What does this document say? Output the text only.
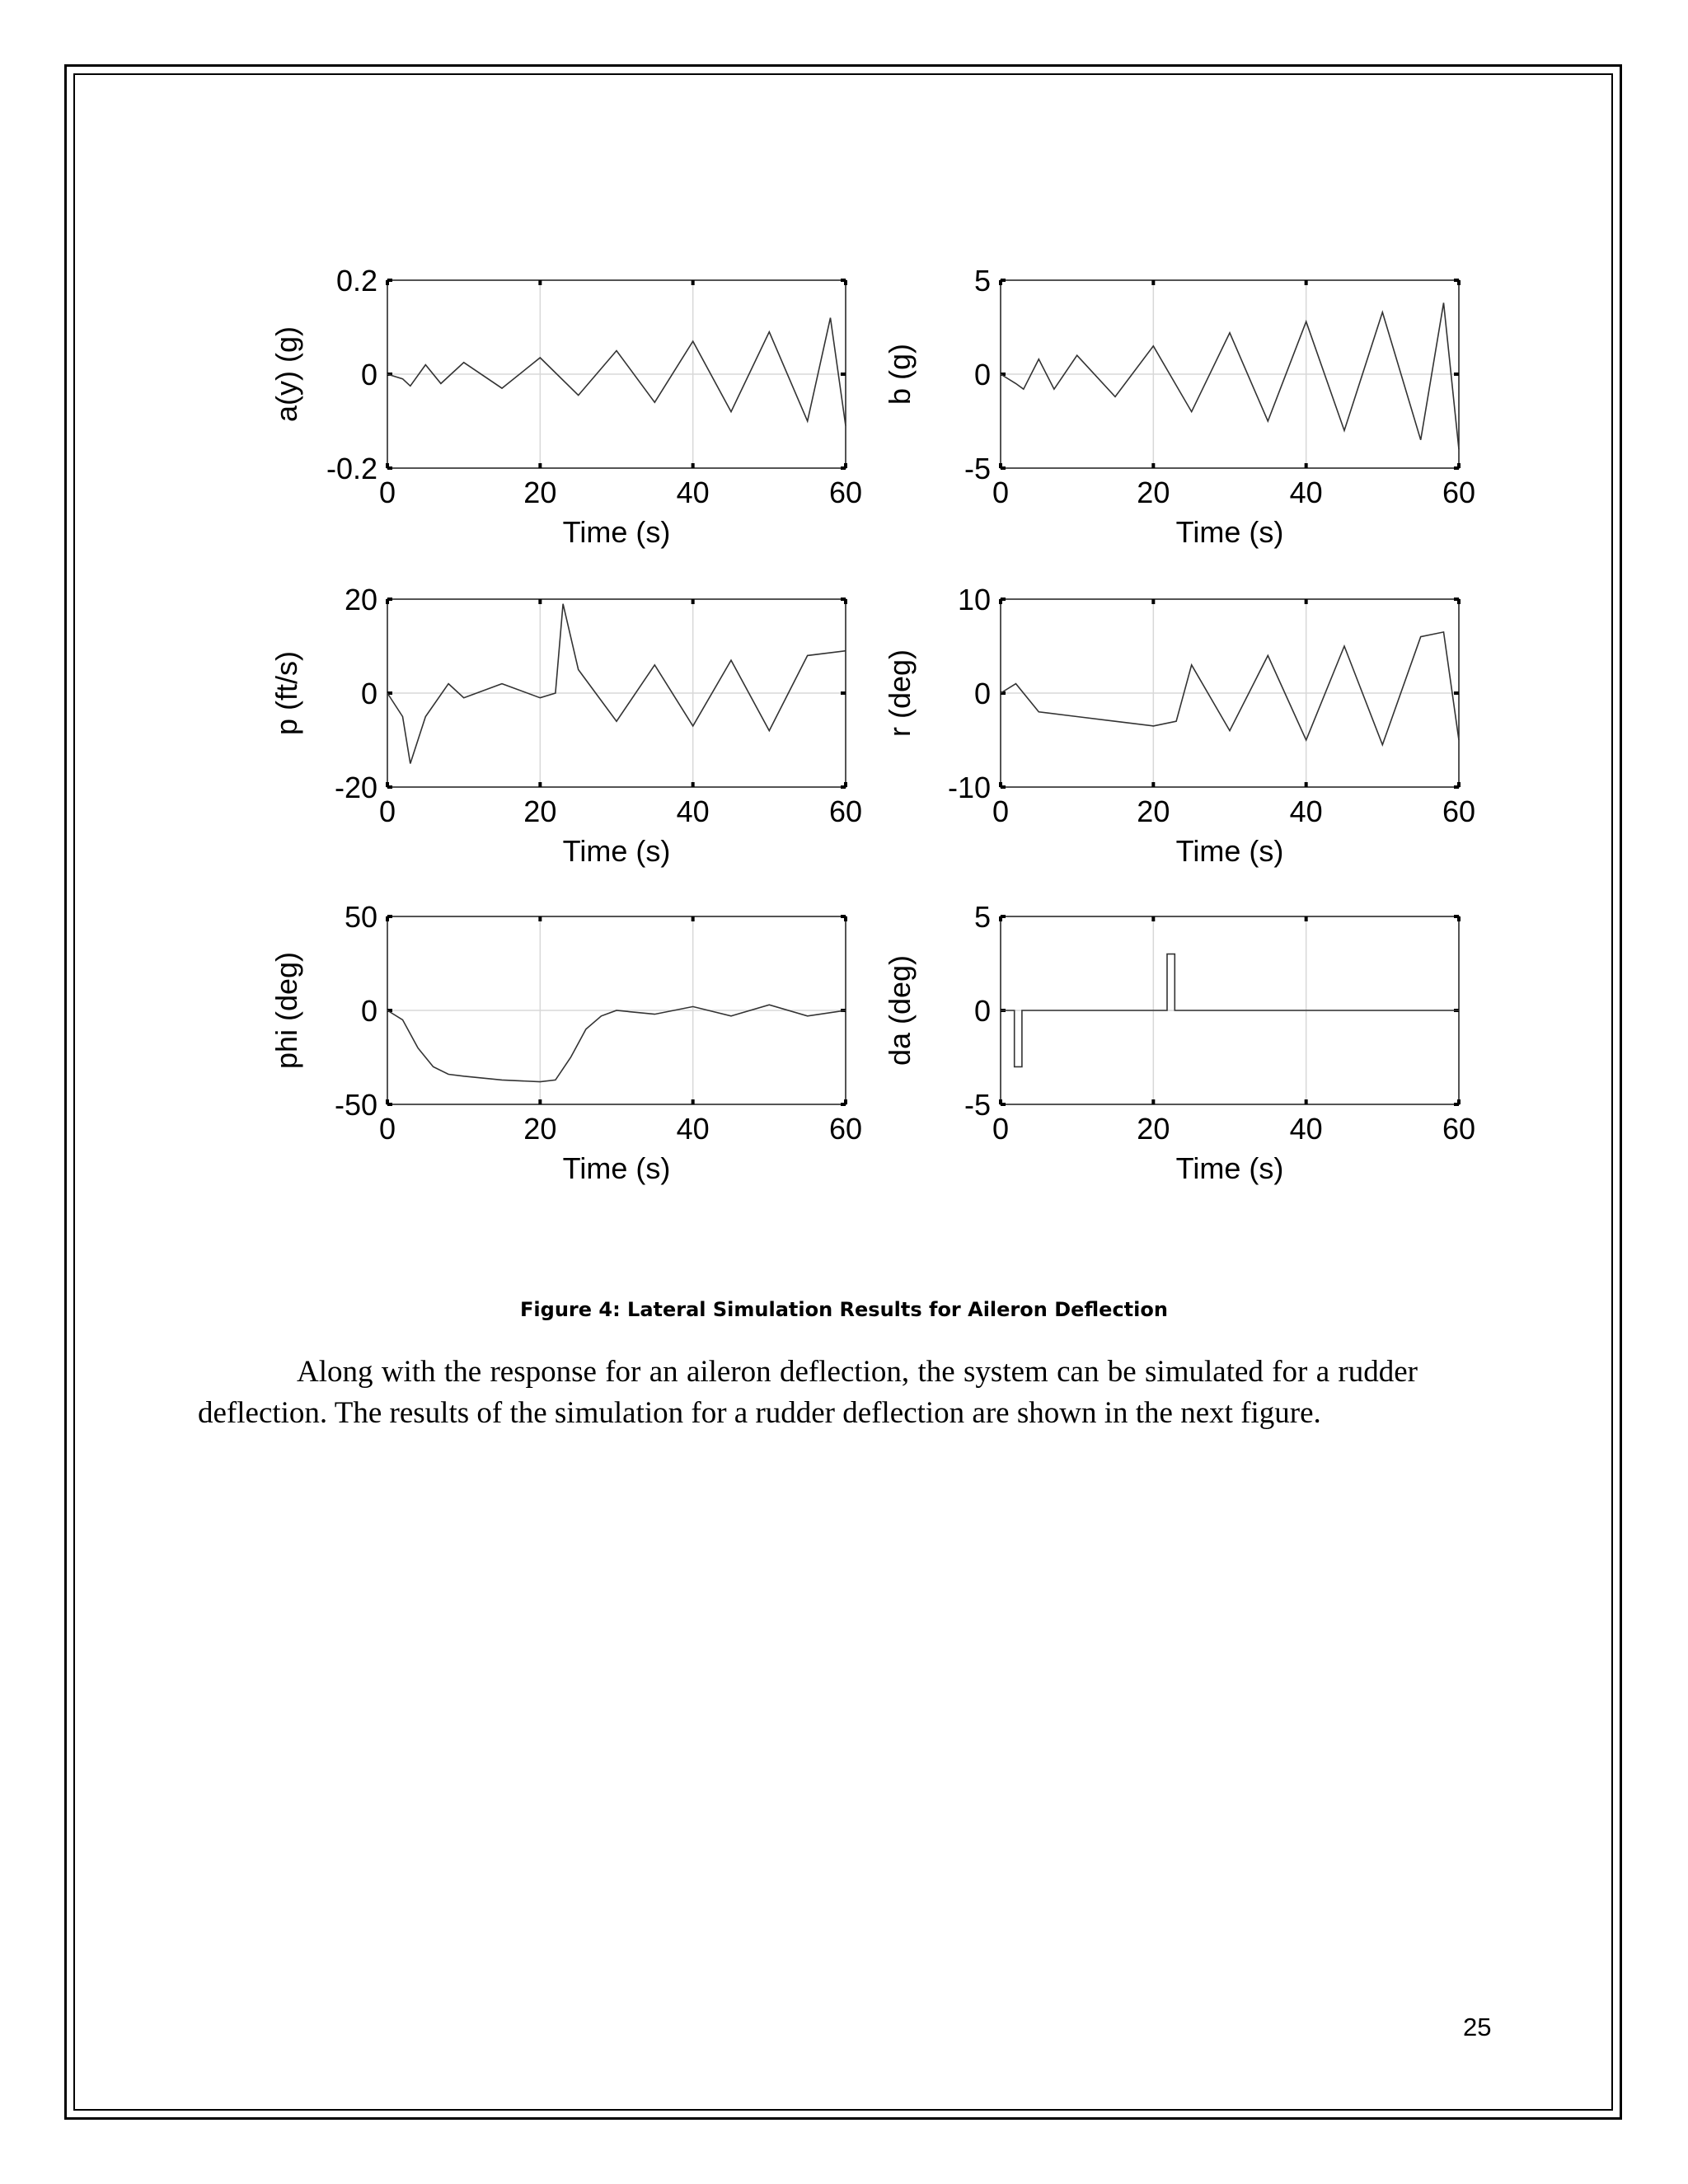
0	20	40	60
-0.2
0
0.2
Time (s)
a(y) (g)
0	20	40	60
-5
0
5
Time (s)
b (g)
0	20	40	60
-20
0
20
Time (s)
p (ft/s)
0	20	40	60
-10
0
10
Time (s)
r (deg)
0	20	40	60
-50
0
50
Time (s)
phi (deg)
0	20	40	60
-5
0
5
Time (s)
da (deg)
Figure 4: Lateral Simulation Results for Aileron Deflection

Along with the response for an aileron deflection, the system can be simulated for a rudder deflection. The results of the simulation for a rudder deflection are shown in the next figure.

25
